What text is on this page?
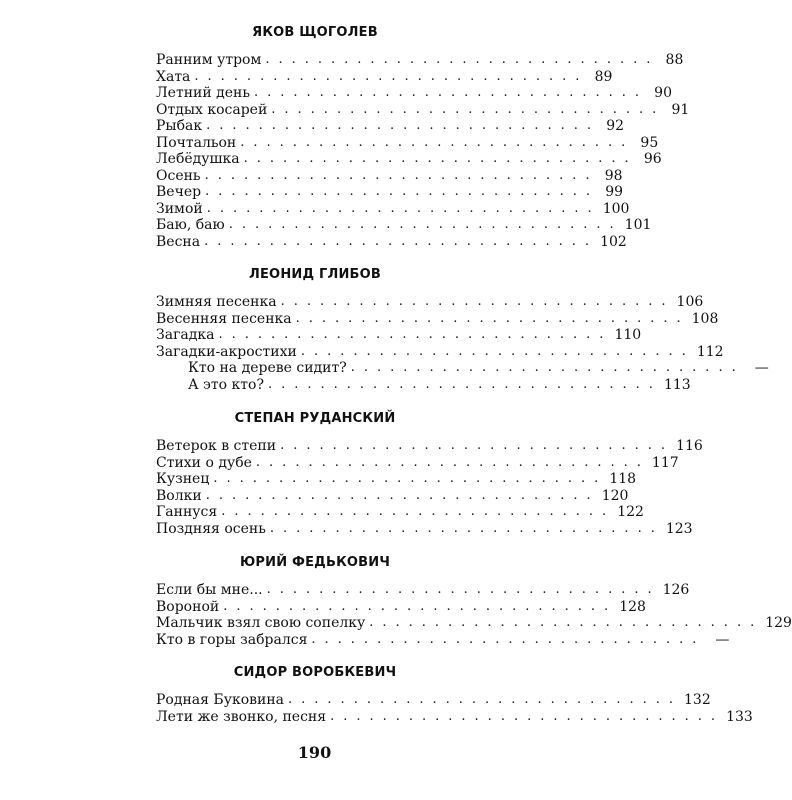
ЯКОВ ЩОГОЛЕВ
Ранним утром .............................. 88
Хата .............................. 89
Летний день .............................. 90
Отдых косарей .............................. 91
Рыбак .............................. 92
Почтальон .............................. 95
Лебёдушка .............................. 96
Осень .............................. 98
Вечер .............................. 99
Зимой .............................. 100
Баю, баю .............................. 101
Весна .............................. 102
ЛЕОНИД ГЛИБОВ
Зимняя песенка .............................. 106
Весенняя песенка .............................. 108
Загадка .............................. 110
Загадки-акростихи .............................. 112
Кто на дереве сидит? .............................. —
А это кто? .............................. 113
СТЕПАН РУДАНСКИЙ
Ветерок в степи .............................. 116
Стихи о дубе .............................. 117
Кузнец .............................. 118
Волки .............................. 120
Ганнуся .............................. 122
Поздняя осень .............................. 123
ЮРИЙ ФЕДЬКОВИЧ
Если бы мне... .............................. 126
Вороной .............................. 128
Мальчик взял свою сопелку .............................. 129
Кто в горы забрался .............................. —
СИДОР ВОРОБКЕВИЧ
Родная Буковина .............................. 132
Лети же звонко, песня .............................. 133
190
